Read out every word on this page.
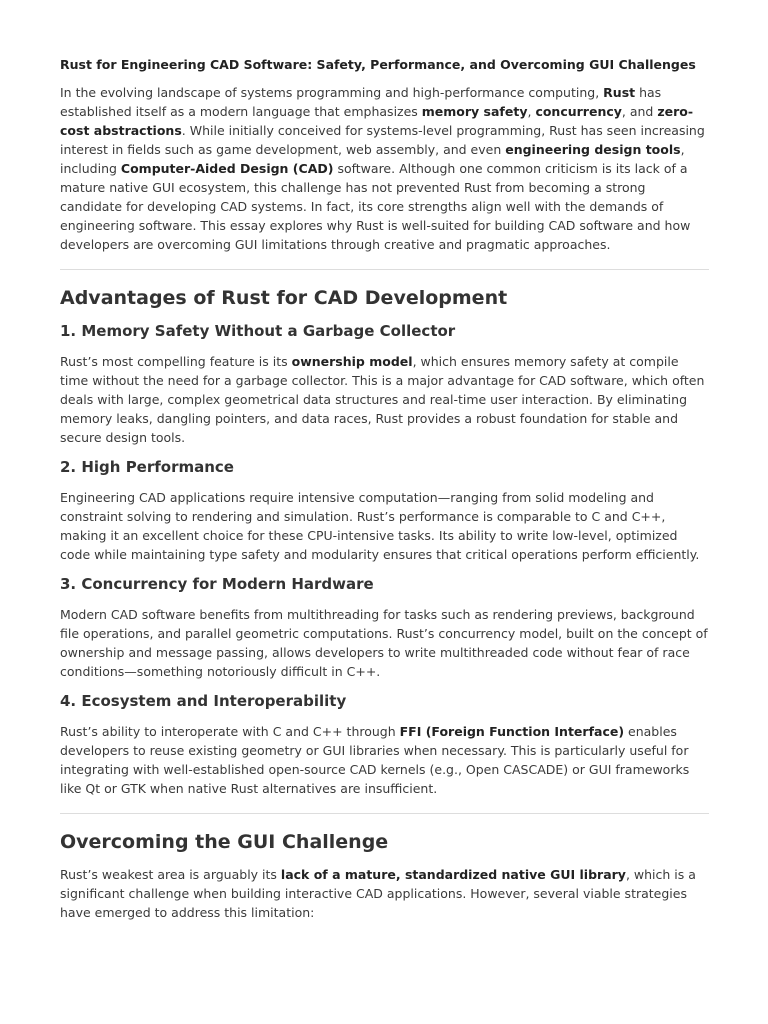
Rust for Engineering CAD Software: Safety, Performance, and Overcoming GUI Challenges

In the evolving landscape of systems programming and high-performance computing, Rust has established itself as a modern language that emphasizes memory safety, concurrency, and zero-cost abstractions. While initially conceived for systems-level programming, Rust has seen increasing interest in fields such as game development, web assembly, and even engineering design tools, including Computer-Aided Design (CAD) software. Although one common criticism is its lack of a mature native GUI ecosystem, this challenge has not prevented Rust from becoming a strong candidate for developing CAD systems. In fact, its core strengths align well with the demands of engineering software. This essay explores why Rust is well-suited for building CAD software and how developers are overcoming GUI limitations through creative and pragmatic approaches.

Advantages of Rust for CAD Development
1. Memory Safety Without a Garbage Collector

Rust’s most compelling feature is its ownership model, which ensures memory safety at compile time without the need for a garbage collector. This is a major advantage for CAD software, which often deals with large, complex geometrical data structures and real-time user interaction. By eliminating memory leaks, dangling pointers, and data races, Rust provides a robust foundation for stable and secure design tools.

2. High Performance

Engineering CAD applications require intensive computation—ranging from solid modeling and constraint solving to rendering and simulation. Rust’s performance is comparable to C and C++, making it an excellent choice for these CPU-intensive tasks. Its ability to write low-level, optimized code while maintaining type safety and modularity ensures that critical operations perform efficiently.

3. Concurrency for Modern Hardware

Modern CAD software benefits from multithreading for tasks such as rendering previews, background file operations, and parallel geometric computations. Rust’s concurrency model, built on the concept of ownership and message passing, allows developers to write multithreaded code without fear of race conditions—something notoriously difficult in C++.

4. Ecosystem and Interoperability

Rust’s ability to interoperate with C and C++ through FFI (Foreign Function Interface) enables developers to reuse existing geometry or GUI libraries when necessary. This is particularly useful for integrating with well-established open-source CAD kernels (e.g., Open CASCADE) or GUI frameworks like Qt or GTK when native Rust alternatives are insufficient.

Overcoming the GUI Challenge

Rust’s weakest area is arguably its lack of a mature, standardized native GUI library, which is a significant challenge when building interactive CAD applications. However, several viable strategies have emerged to address this limitation:
